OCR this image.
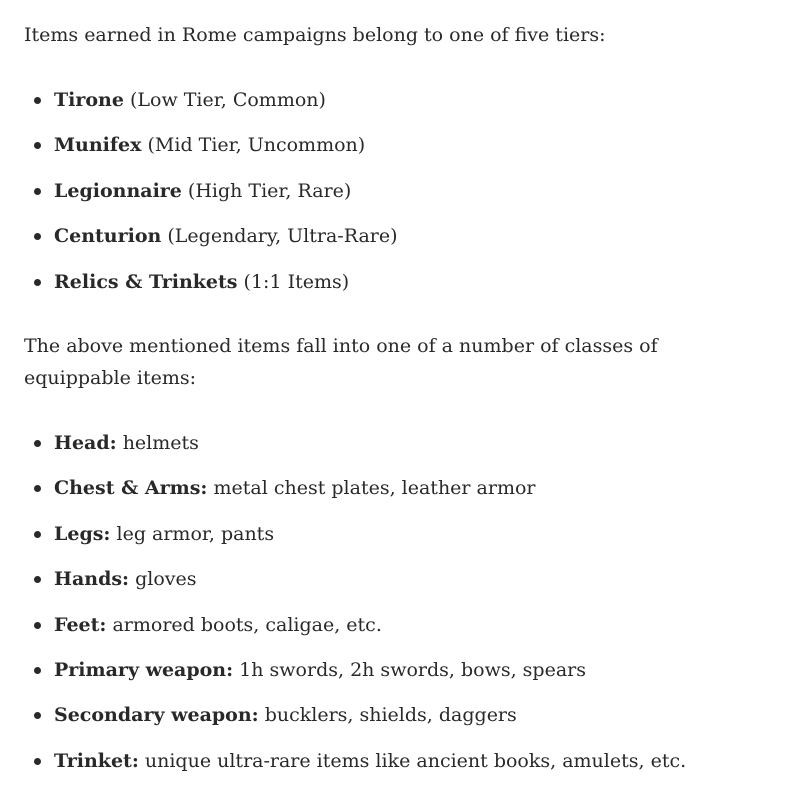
Items earned in Rome campaigns belong to one of five tiers:

Tirone (Low Tier, Common)
Munifex (Mid Tier, Uncommon)
Legionnaire (High Tier, Rare)
Centurion (Legendary, Ultra-Rare)
Relics & Trinkets (1:1 Items)

The above mentioned items fall into one of a number of classes of equippable items:

Head: helmets
Chest & Arms: metal chest plates, leather armor
Legs: leg armor, pants
Hands: gloves
Feet: armored boots, caligae, etc.
Primary weapon: 1h swords, 2h swords, bows, spears
Secondary weapon: bucklers, shields, daggers
Trinket: unique ultra-rare items like ancient books, amulets, etc.
